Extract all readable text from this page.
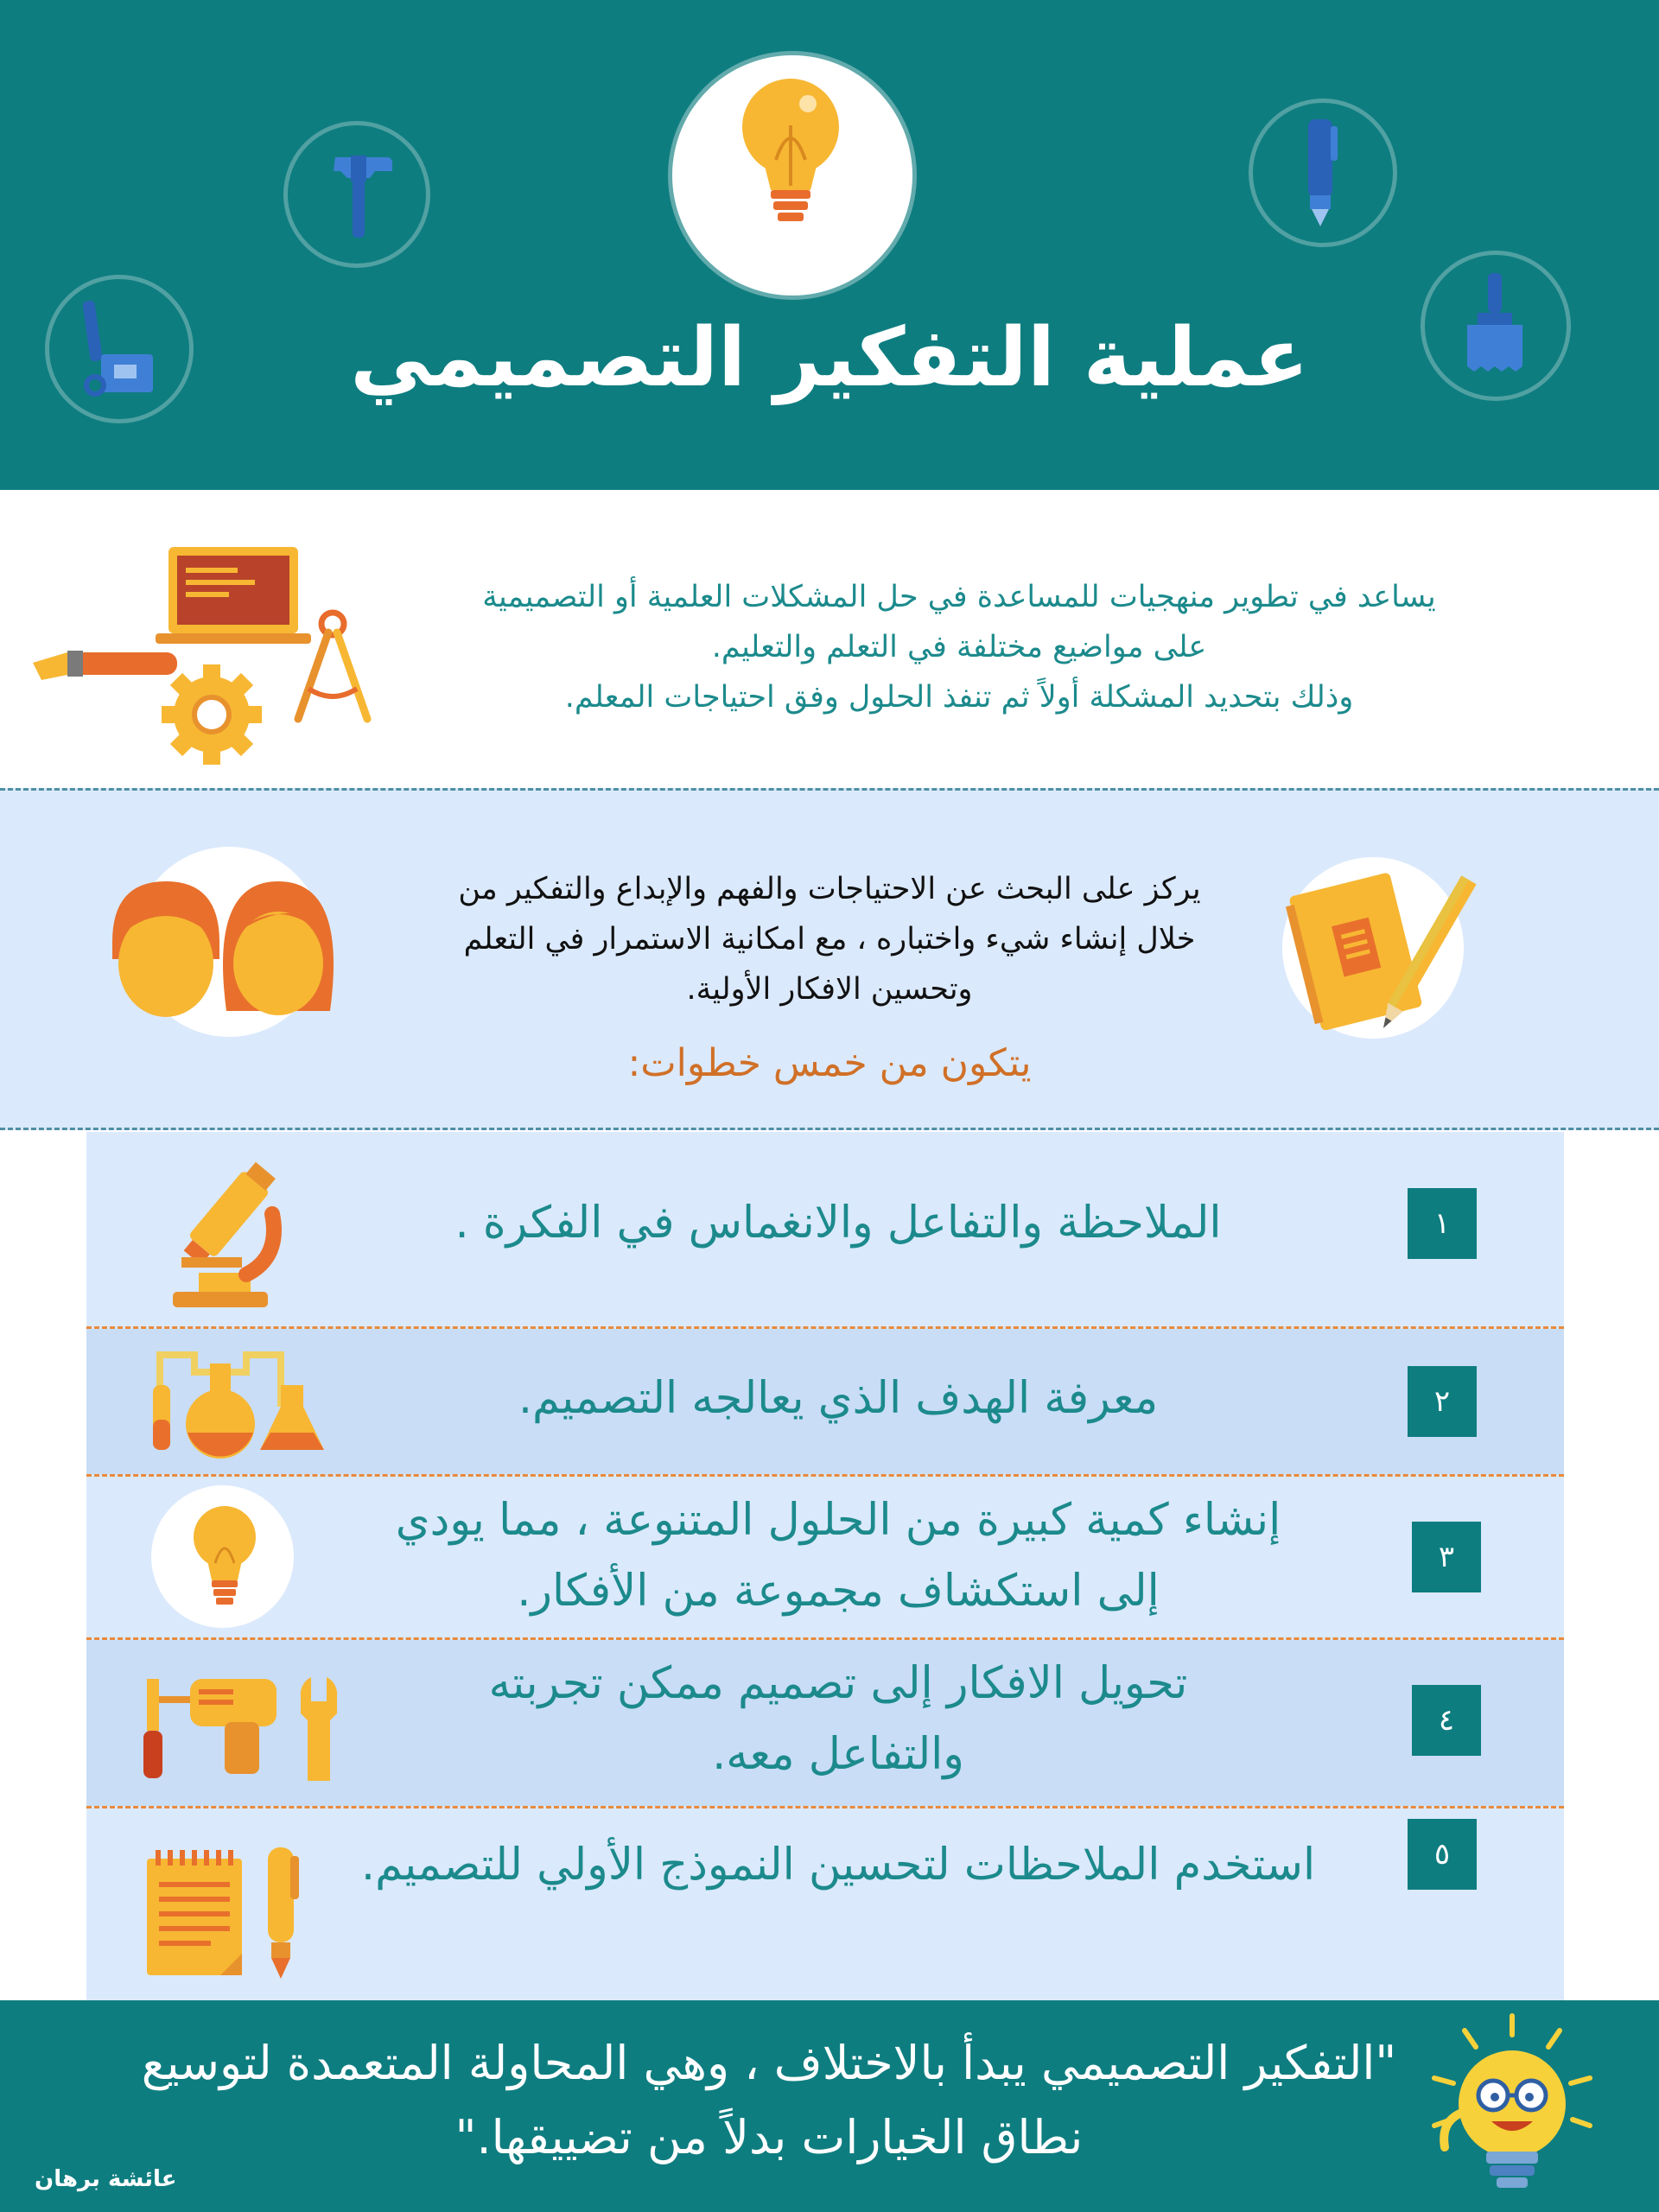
عملية التفكير التصميمي
يساعد في تطوير منهجيات للمساعدة في حل المشكلات العلمية أو التصميمية
على مواضيع مختلفة في التعلم والتعليم.
وذلك بتحديد المشكلة أولاً ثم تنفذ الحلول وفق احتياجات المعلم.
يركز على البحث عن الاحتياجات والفهم والإبداع والتفكير من
خلال إنشاء شيء واختباره ، مع امكانية الاستمرار في التعلم
وتحسين الافكار الأولية.
يتكون من خمس خطوات:
الملاحظة والتفاعل والانغماس في الفكرة .	١
معرفة الهدف الذي يعالجه التصميم.	٢
إنشاء كمية كبيرة من الحلول المتنوعة ، مما يودي
إلى استكشاف مجموعة من الأفكار.
٣
تحويل الافكار إلى تصميم ممكن تجربته
والتفاعل معه.
٤
استخدم الملاحظات لتحسين النموذج الأولي للتصميم.	٥
"التفكير التصميمي يبدأ بالاختلاف ، وهي المحاولة المتعمدة لتوسيع
نطاق الخيارات بدلاً من تضييقها."
عائشة برهان
